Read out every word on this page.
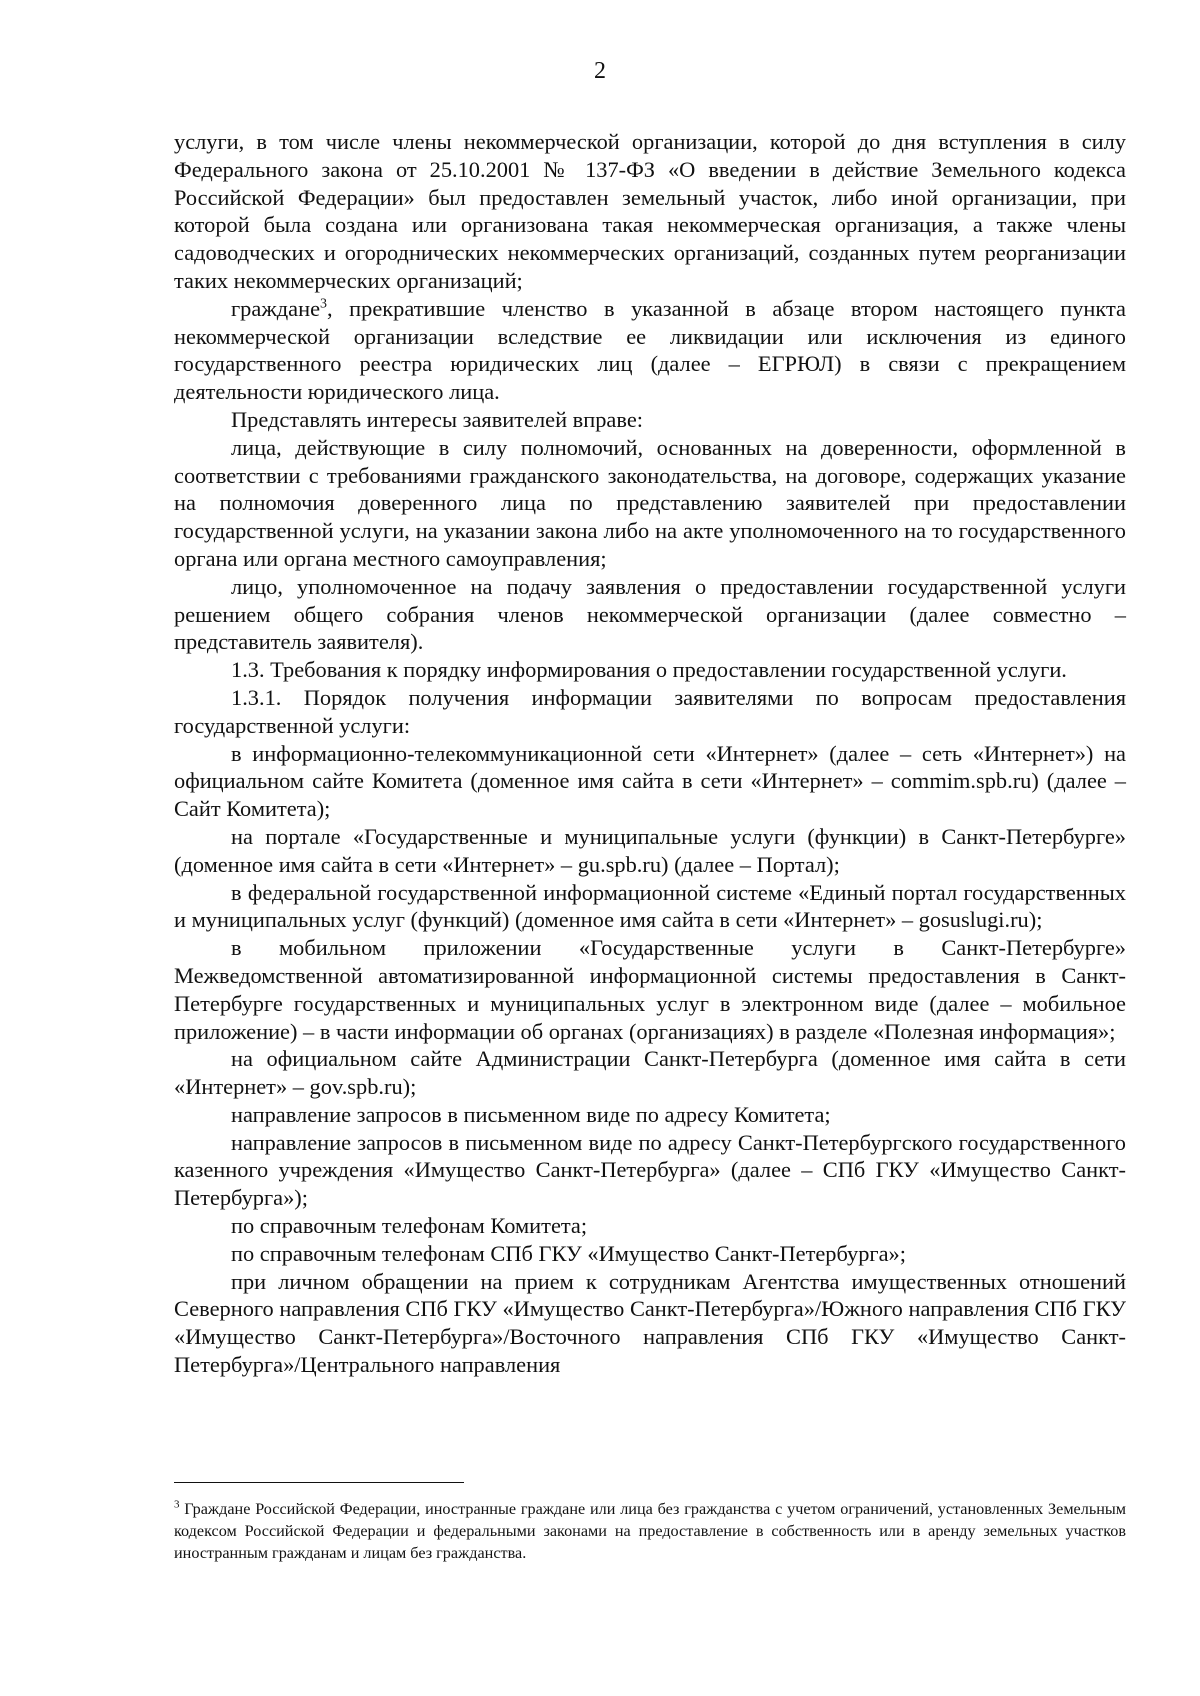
2

услуги, в том числе члены некоммерческой организации, которой до дня вступления в силу Федерального закона от 25.10.2001 № 137-ФЗ «О введении в действие Земельного кодекса Российской Федерации» был предоставлен земельный участок, либо иной организации, при которой была создана или организована такая некоммерческая организация, а также члены садоводческих и огороднических некоммерческих организаций, созданных путем реорганизации таких некоммерческих организаций;

граждане$^3$, прекратившие членство в указанной в абзаце втором настоящего пункта некоммерческой организации вследствие ее ликвидации или исключения из единого государственного реестра юридических лиц (далее – ЕГРЮЛ) в связи с прекращением деятельности юридического лица.

Представлять интересы заявителей вправе:

лица, действующие в силу полномочий, основанных на доверенности, оформленной в соответствии с требованиями гражданского законодательства, на договоре, содержащих указание на полномочия доверенного лица по представлению заявителей при предоставлении государственной услуги, на указании закона либо на акте уполномоченного на то государственного органа или органа местного самоуправления;

лицо, уполномоченное на подачу заявления о предоставлении государственной услуги решением общего собрания членов некоммерческой организации (далее совместно – представитель заявителя).

1.3. Требования к порядку информирования о предоставлении государственной услуги.

1.3.1. Порядок получения информации заявителями по вопросам предоставления государственной услуги:

в информационно-телекоммуникационной сети «Интернет» (далее – сеть «Интернет») на официальном сайте Комитета (доменное имя сайта в сети «Интернет» – commim.spb.ru) (далее – Сайт Комитета);

на портале «Государственные и муниципальные услуги (функции) в Санкт-Петербурге» (доменное имя сайта в сети «Интернет» – gu.spb.ru) (далее – Портал);

в федеральной государственной информационной системе «Единый портал государственных и муниципальных услуг (функций) (доменное имя сайта в сети «Интернет» – gosuslugi.ru);

в мобильном приложении «Государственные услуги в Санкт-Петербурге» Межведомственной автоматизированной информационной системы предоставления в Санкт-Петербурге государственных и муниципальных услуг в электронном виде (далее – мобильное приложение) – в части информации об органах (организациях) в разделе «Полезная информация»;

на официальном сайте Администрации Санкт-Петербурга (доменное имя сайта в сети «Интернет» – gov.spb.ru);

направление запросов в письменном виде по адресу Комитета;

направление запросов в письменном виде по адресу Санкт-Петербургского государственного казенного учреждения «Имущество Санкт-Петербурга» (далее – СПб ГКУ «Имущество Санкт-Петербурга»);

по справочным телефонам Комитета;

по справочным телефонам СПб ГКУ «Имущество Санкт-Петербурга»;

при личном обращении на прием к сотрудникам Агентства имущественных отношений Северного направления СПб ГКУ «Имущество Санкт-Петербурга»/Южного направления СПб ГКУ «Имущество Санкт-Петербурга»/Восточного направления СПб ГКУ «Имущество Санкт-Петербурга»/Центрального направления

$^3$ Граждане Российской Федерации, иностранные граждане или лица без гражданства с учетом ограничений, установленных Земельным кодексом Российской Федерации и федеральными законами на предоставление в собственность или в аренду земельных участков иностранным гражданам и лицам без гражданства.
